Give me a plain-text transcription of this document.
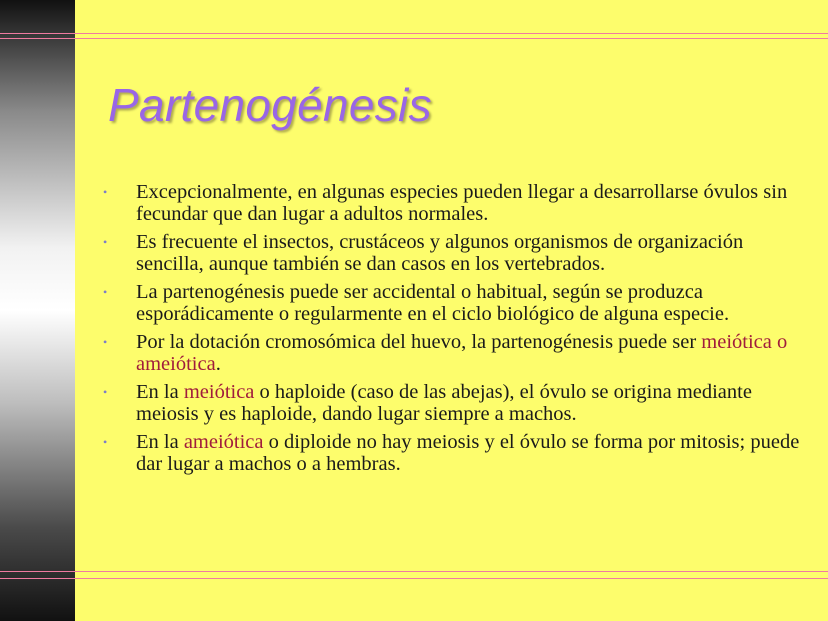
Partenogénesis
• Excepcionalmente, en algunas especies pueden llegar a desarrollarse óvulos sin fecundar que dan lugar a adultos normales.
• Es frecuente el insectos, crustáceos y algunos organismos de organización sencilla, aunque también se dan casos en los vertebrados.
• La partenogénesis puede ser accidental o habitual, según se produzca esporádicamente o regularmente en el ciclo biológico de alguna especie.
• Por la dotación cromosómica del huevo, la partenogénesis puede ser meiótica o ameiótica.
• En la meiótica o haploide (caso de las abejas), el óvulo se origina mediante meiosis y es haploide, dando lugar siempre a machos.
• En la ameiótica o diploide no hay meiosis y el óvulo se forma por mitosis; puede dar lugar a machos o a hembras.
